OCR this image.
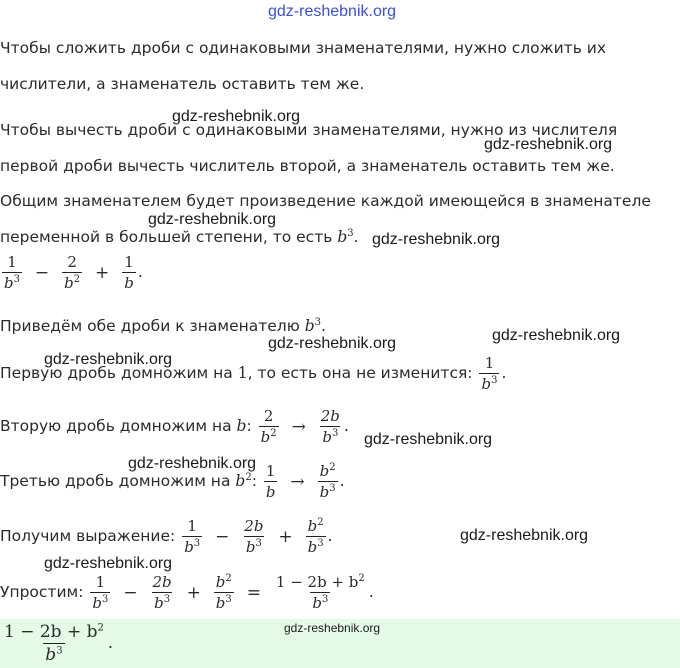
gdz-reshebnik.org
gdz-reshebnik.org
gdz-reshebnik.org
gdz-reshebnik.org
gdz-reshebnik.org
gdz-reshebnik.org
gdz-reshebnik.org
gdz-reshebnik.org
gdz-reshebnik.org
gdz-reshebnik.org
gdz-reshebnik.org
gdz-reshebnik.org
Чтобы сложить дроби с одинаковыми знаменателями, нужно сложить их
числители, а знаменатель оставить тем же.
Чтобы вычесть дроби с одинаковыми знаменателями, нужно из числителя
первой дроби вычесть числитель второй, а знаменатель оставить тем же.
Общим знаменателем будет произведение каждой имеющейся в знаменателе
переменной в большей степени, то есть $b^3$.
$\frac{1}{b^3} - \frac{2}{b^2} + \frac{1}{b}$ .
Приведём обе дроби к знаменателю $b^3$.
Первую дробь домножим на 1, то есть она не изменится: $\frac{1}{b^3}$ .
Вторую дробь домножим на b: $\frac{2}{b^2} \to \frac{2b}{b^3}$ .
Третью дробь домножим на $b^2$: $\frac{1}{b} \to \frac{b^2}{b^3}$ .
Получим выражение: $\frac{1}{b^3} - \frac{2b}{b^3} + \frac{b^2}{b^3}$ .
Упростим: $\frac{1}{b^3} - \frac{2b}{b^3} + \frac{b^2}{b^3} = \frac{1 - 2b + b^2}{b^3}$ .
$\frac{1 - 2b + b^2}{b^3}$ .
gdz-reshebnik.org
